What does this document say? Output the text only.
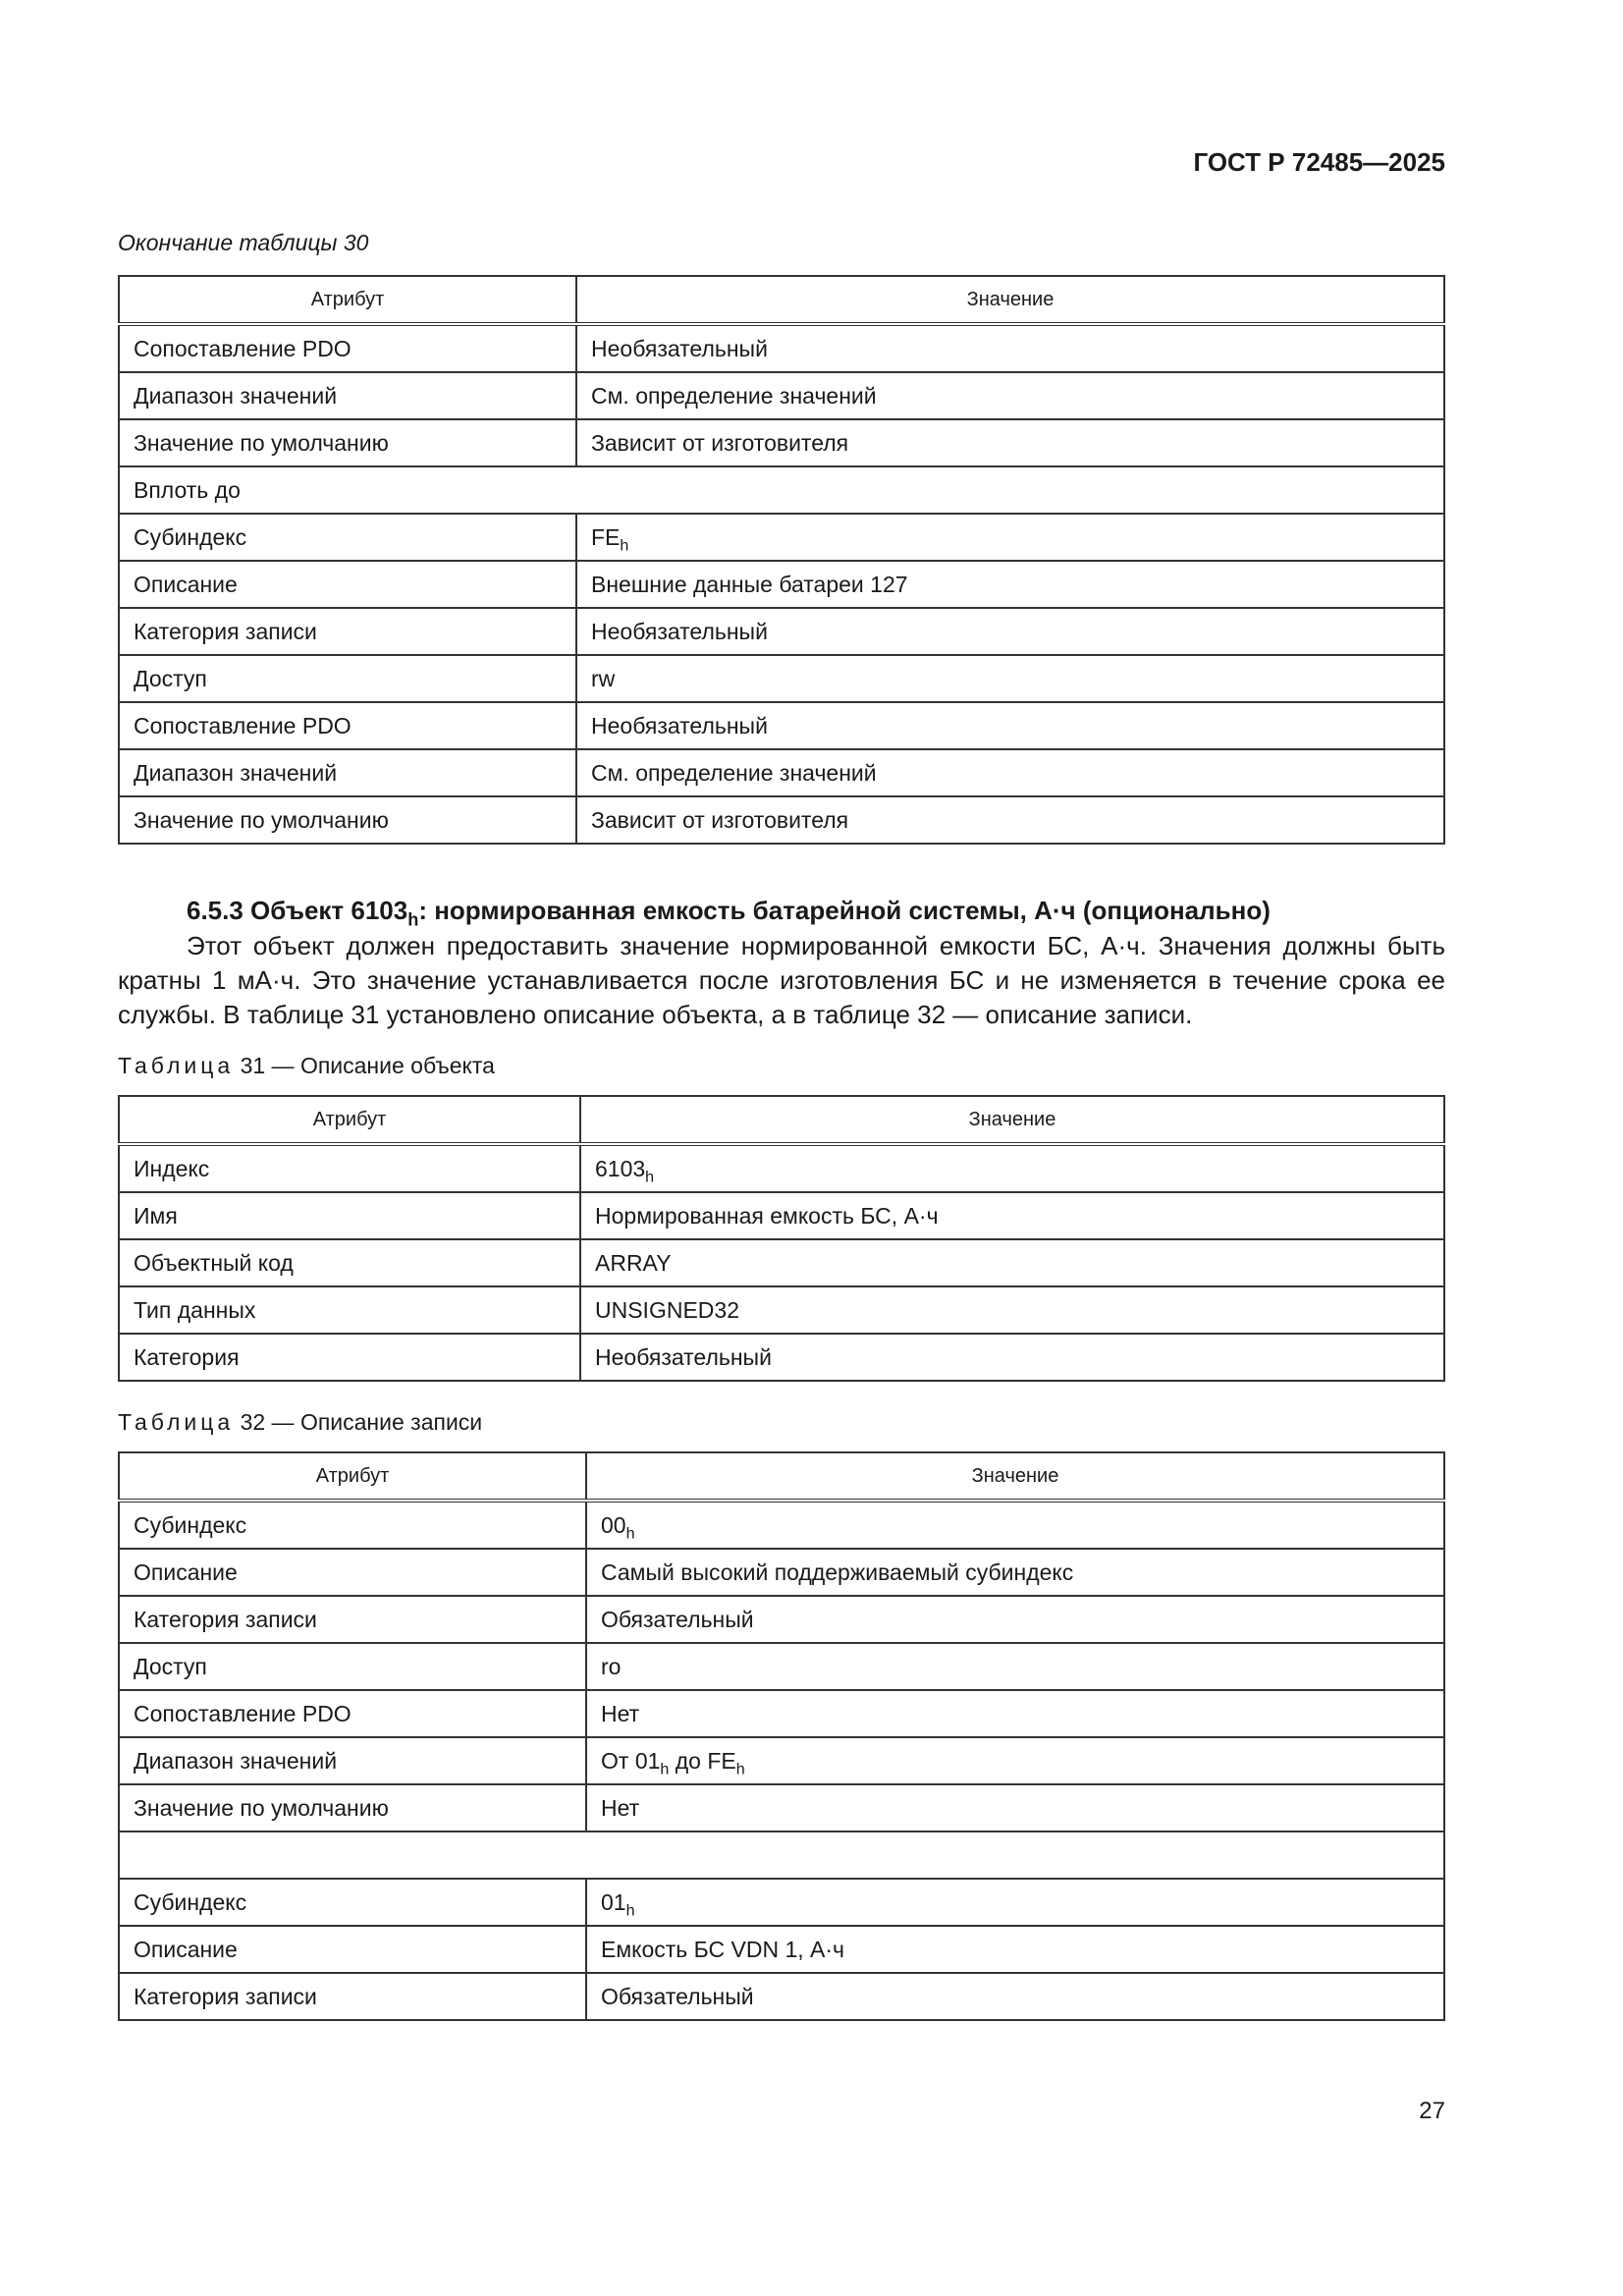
ГОСТ Р 72485—2025
Окончание таблицы 30
Атрибут	Значение
Сопоставление PDO	Необязательный
Диапазон значений	См. определение значений
Значение по умолчанию	Зависит от изготовителя
Вплоть до	
Субиндекс	$FE_h$
Описание	Внешние данные батареи 127
Категория записи	Необязательный
Доступ	rw
Сопоставление PDO	Необязательный
Диапазон значений	См. определение значений
Значение по умолчанию	Зависит от изготовителя
6.5.3 Объект $6103_h$: нормированная емкость батарейной системы, А·ч (опционально)
Этот объект должен предоставить значение нормированной емкости БС, А·ч. Значения должны быть кратны 1 мА·ч. Это значение устанавливается после изготовления БС и не изменяется в течение срока ее службы. В таблице 31 установлено описание объекта, а в таблице 32 — описание записи.
Таблица 31 — Описание объекта
Атрибут	Значение
Индекс	$6103_h$
Имя	Нормированная емкость БС, А·ч
Объектный код	ARRAY
Тип данных	UNSIGNED32
Категория	Необязательный
Таблица 32 — Описание записи
Атрибут	Значение
Субиндекс	$00_h$
Описание	Самый высокий поддерживаемый субиндекс
Категория записи	Обязательный
Доступ	ro
Сопоставление PDO	Нет
Диапазон значений	От $01_h$ до $FE_h$
Значение по умолчанию	Нет

Субиндекс	$01_h$
Описание	Емкость БС VDN 1, А·ч
Категория записи	Обязательный
27
